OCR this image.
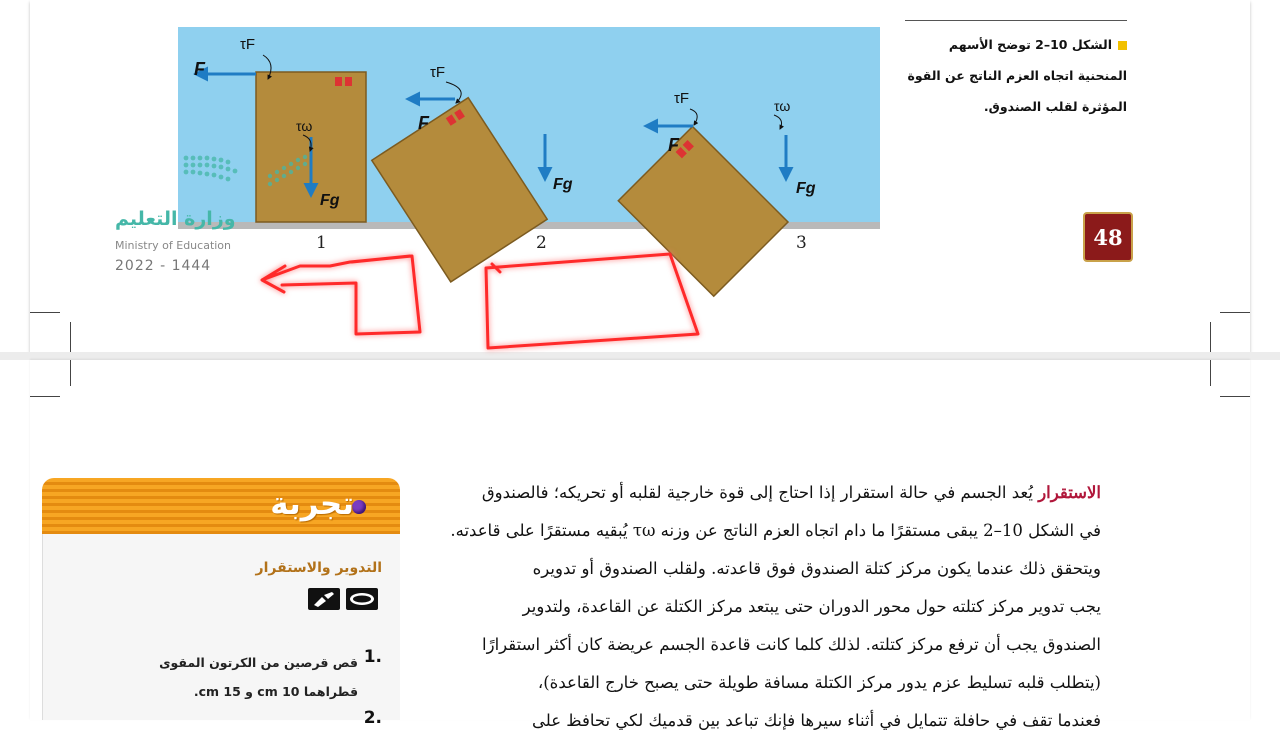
F
τF
τω
Fg
τF
F
Fg
τF
F
τω
Fg
1	2	3
وزارة التعليم
Ministry of Education
2022 - 1444
الشكل 10–2 توضح الأسهم
المنحنية اتجاه العزم الناتج عن القوة
المؤثرة لقلب الصندوق.
48
تجربة
التدوير والاستقرار
1.
قص قرصين من الكرتون المقوى
قطراهما 10 cm و 15 cm.
2.
الاستقرار يُعد الجسم في حالة استقرار إذا احتاج إلى قوة خارجية لقلبه أو تحريكه؛ فالصندوق
في الشكل 10–2 يبقى مستقرًا ما دام اتجاه العزم الناتج عن وزنه τω يُبقيه مستقرًا على قاعدته.
ويتحقق ذلك عندما يكون مركز كتلة الصندوق فوق قاعدته. ولقلب الصندوق أو تدويره
يجب تدوير مركز كتلته حول محور الدوران حتى يبتعد مركز الكتلة عن القاعدة، ولتدوير
الصندوق يجب أن ترفع مركز كتلته. لذلك كلما كانت قاعدة الجسم عريضة كان أكثر استقرارًا
(يتطلب قلبه تسليط عزم يدور مركز الكتلة مسافة طويلة حتى يصبح خارج القاعدة)،
فعندما تقف في حافلة تتمايل في أثناء سيرها فإنك تباعد بين قدميك لكي تحافظ على
